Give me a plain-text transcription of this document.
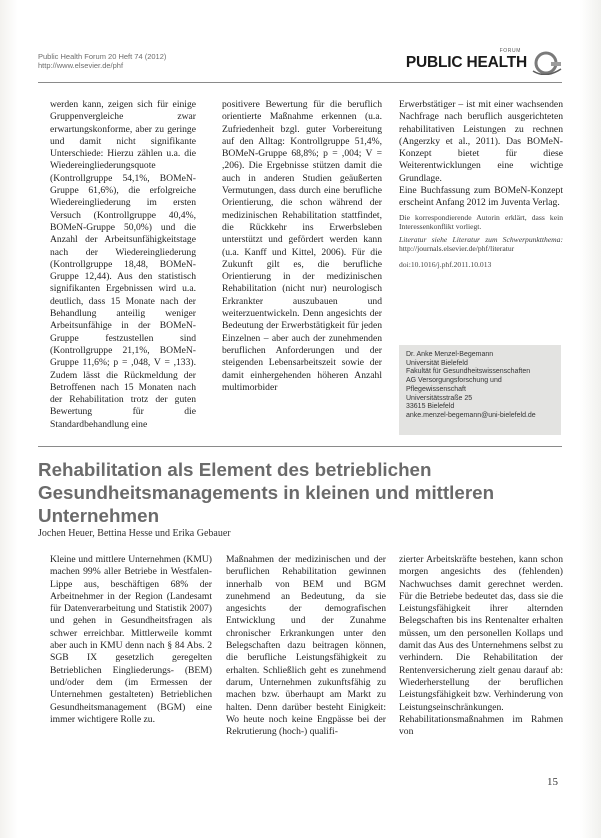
Public Health Forum 20 Heft 74 (2012)
http://www.elsevier.de/phf
FORUM
PUBLIC HEALTH

werden kann, zeigen sich für einige Gruppenvergleiche zwar erwartungskonforme, aber zu geringe und damit nicht signifikante Unterschiede: Hierzu zählen u.a. die Wiedereingliederungsquote (Kontrollgruppe 54,1%, BOMeN-Gruppe 61,6%), die erfolgreiche Wiedereingliederung im ersten Versuch (Kontrollgruppe 40,4%, BOMeN-Gruppe 50,0%) und die Anzahl der Arbeitsunfähigkeitstage nach der Wiedereingliederung (Kontrollgruppe 18,48, BOMeN-Gruppe 12,44). Aus den statistisch signifikanten Ergebnissen wird u.a. deutlich, dass 15 Monate nach der Behandlung anteilig weniger Arbeitsunfähige in der BOMeN-Gruppe festzustellen sind (Kontrollgruppe 21,1%, BOMeN-Gruppe 11,6%; p = ,048, V = ,133). Zudem lässt die Rückmeldung der Betroffenen nach 15 Monaten nach der Rehabilitation trotz der guten Bewertung für die Standardbehandlung eine

positivere Bewertung für die beruflich orientierte Maßnahme erkennen (u.a. Zufriedenheit bzgl. guter Vorbereitung auf den Alltag: Kontrollgruppe 51,4%, BOMeN-Gruppe 68,8%; p = ,004; V = ,206). Die Ergebnisse stützen damit die auch in anderen Studien geäußerten Vermutungen, dass durch eine berufliche Orientierung, die schon während der medizinischen Rehabilitation stattfindet, die Rückkehr ins Erwerbsleben unterstützt und gefördert werden kann (u.a. Kanff und Kittel, 2006). Für die Zukunft gilt es, die berufliche Orientierung in der medizinischen Rehabilitation (nicht nur) neurologisch Erkrankter auszubauen und weiterzuentwickeln. Denn angesichts der Bedeutung der Erwerbstätigkeit für jeden Einzelnen – aber auch der zunehmenden beruflichen Anforderungen und der steigenden Lebensarbeitszeit sowie der damit einhergehenden höheren Anzahl multimorbider

Erwerbstätiger – ist mit einer wachsenden Nachfrage nach beruflich ausgerichteten rehabilitativen Leistungen zu rechnen (Angerzky et al., 2011). Das BOMeN-Konzept bietet für diese Weiterentwicklungen eine wichtige Grundlage.

Eine Buchfassung zum BOMeN-Konzept erscheint Anfang 2012 im Juventa Verlag.

Die korrespondierende Autorin erklärt, dass kein Interessenkonflikt vorliegt.

Literatur siehe Literatur zum Schwerpunktthema: http://journals.elsevier.de/phf/literatur

doi:10.1016/j.phf.2011.10.013

Dr. Anke Menzel-Begemann
Universität Bielefeld
Fakultät für Gesundheitswissenschaften
AG Versorgungsforschung und
Pflegewissenschaft
Universitätsstraße 25
33615 Bielefeld
anke.menzel-begemann@uni-bielefeld.de
Rehabilitation als Element des betrieblichen
Gesundheitsmanagements in kleinen und mittleren
Unternehmen
Jochen Heuer, Bettina Hesse und Erika Gebauer

Kleine und mittlere Unternehmen (KMU) machen 99% aller Betriebe in Westfalen-Lippe aus, beschäftigen 68% der Arbeitnehmer in der Region (Landesamt für Datenverarbeitung und Statistik 2007) und gehen in Gesundheitsfragen als schwer erreichbar. Mittlerweile kommt aber auch in KMU denn nach § 84 Abs. 2 SGB IX gesetzlich geregelten Betrieblichen Eingliederungs- (BEM) und/oder dem (im Ermessen der Unternehmen gestalteten) Betrieblichen Gesundheitsmanagement (BGM) eine immer wichtigere Rolle zu.

Maßnahmen der medizinischen und der beruflichen Rehabilitation gewinnen innerhalb von BEM und BGM zunehmend an Bedeutung, da sie angesichts der demografischen Entwicklung und der Zunahme chronischer Erkrankungen unter den Belegschaften dazu beitragen können, die berufliche Leistungsfähigkeit zu erhalten. Schließlich geht es zunehmend darum, Unternehmen zukunftsfähig zu machen bzw. überhaupt am Markt zu halten. Denn darüber besteht Einigkeit: Wo heute noch keine Engpässe bei der Rekrutierung (hoch-) qualifi-

zierter Arbeitskräfte bestehen, kann schon morgen angesichts des (fehlenden) Nachwuchses damit gerechnet werden. Für die Betriebe bedeutet das, dass sie die Leistungsfähigkeit ihrer alternden Belegschaften bis ins Rentenalter erhalten müssen, um den personellen Kollaps und damit das Aus des Unternehmens selbst zu verhindern. Die Rehabilitation der Rentenversicherung zielt genau darauf ab: Wiederherstellung der beruflichen Leistungsfähigkeit bzw. Verhinderung von Leistungseinschränkungen. Rehabilitationsmaßnahmen im Rahmen von

15
